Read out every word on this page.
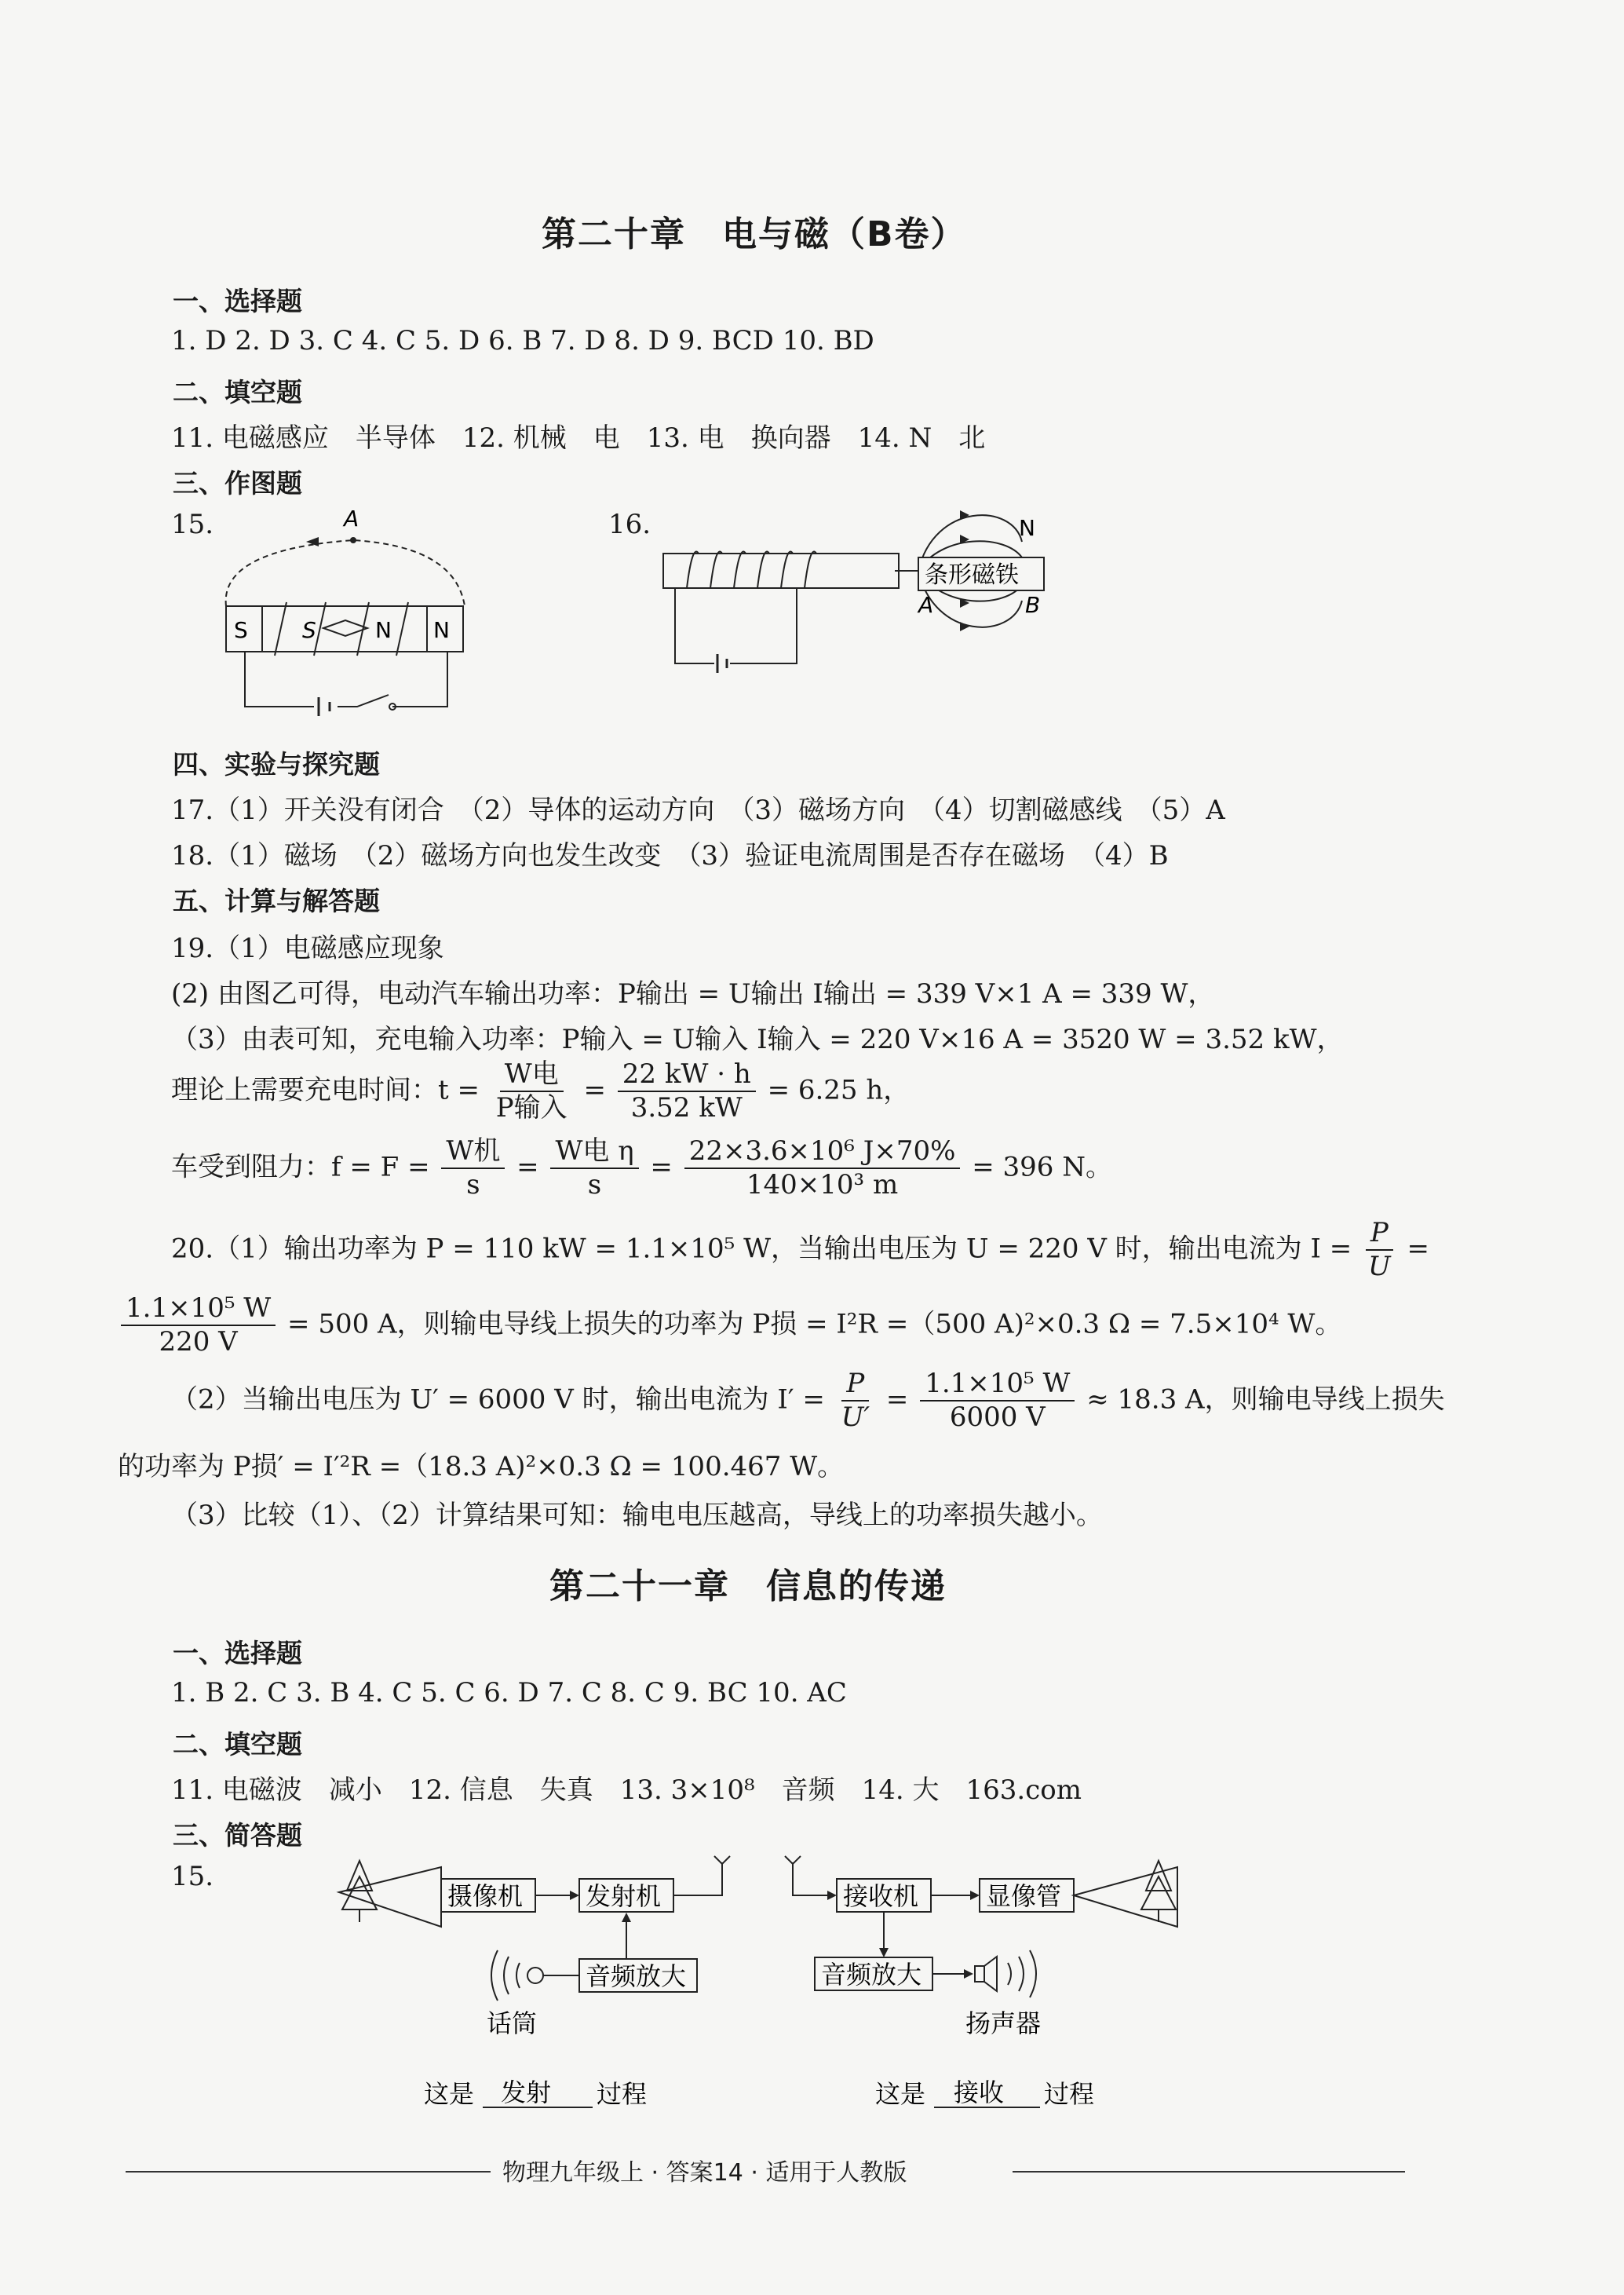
第二十章　电与磁（B卷）
一、选择题
1. D 2. D 3. C 4. C 5. D 6. B 7. D 8. D 9. BCD 10. BD
二、填空题
11. 电磁感应　半导体　12. 机械　电　13. 电　换向器　14. N　北
三、作图题
15.	16.
A
S	N
S	N
条形磁铁
N
A	B
四、实验与探究题
17.（1）开关没有闭合　（2）导体的运动方向　（3）磁场方向　（4）切割磁感线　（5）A
18.（1）磁场　（2）磁场方向也发生改变　（3）验证电流周围是否存在磁场　（4）B
五、计算与解答题
19.（1）电磁感应现象
(2) 由图乙可得，电动汽车输出功率：P输出 = U输出 I输出 = 339 V×1 A = 339 W，
（3）由表可知，充电输入功率：P输入 = U输入 I输入 = 220 V×16 A = 3520 W = 3.52 kW，
理论上需要充电时间：$t = \frac{\text{W电}}{\text{P输入}} = \frac{22 kW \cdot h}{3.52 kW} = 6.25$ h，
车受到阻力：$f = F = \frac{\text{W机}}{s} = \frac{\text{W电 η}}{s} = \frac{\text{22×3.6×10⁶ J×70\%}}{\text{140×10³ m}} = 396$ N。
20.（1）输出功率为 P = 110 kW = 1.1×10⁵ W，当输出电压为 U = 220 V 时，输出电流为 $I = \frac{P}{U}$ =
$\frac{\text{1.1×10⁵ W}}{220 V} = 500$ A，则输电导线上损失的功率为 P损 = I²R =（500 A)²×0.3 Ω = 7.5×10⁴ W。
（2）当输出电压为 U′ = 6000 V 时，输出电流为 $I' = \frac{P}{U'} = \frac{\text{1.1×10⁵ W}}{6000 V} \approx 18.3$ A，则输电导线上损失
的功率为 P损′ = I′²R =（18.3 A)²×0.3 Ω = 100.467 W。
（3）比较（1）、（2）计算结果可知：输电电压越高，导线上的功率损失越小。
第二十一章　信息的传递
一、选择题
1. B 2. C 3. B 4. C 5. C 6. D 7. C 8. C 9. BC 10. AC
二、填空题
11. 电磁波　减小　12. 信息　失真　13. 3×10⁸　音频　14. 大　163.com
三、简答题
15.
摄像机 发射机
音频放大
话筒
接收机	显像管
音频放大
扬声器
这是 发射 过程	这是 接收 过程
物理九年级上 · 答案14 · 适用于人教版
